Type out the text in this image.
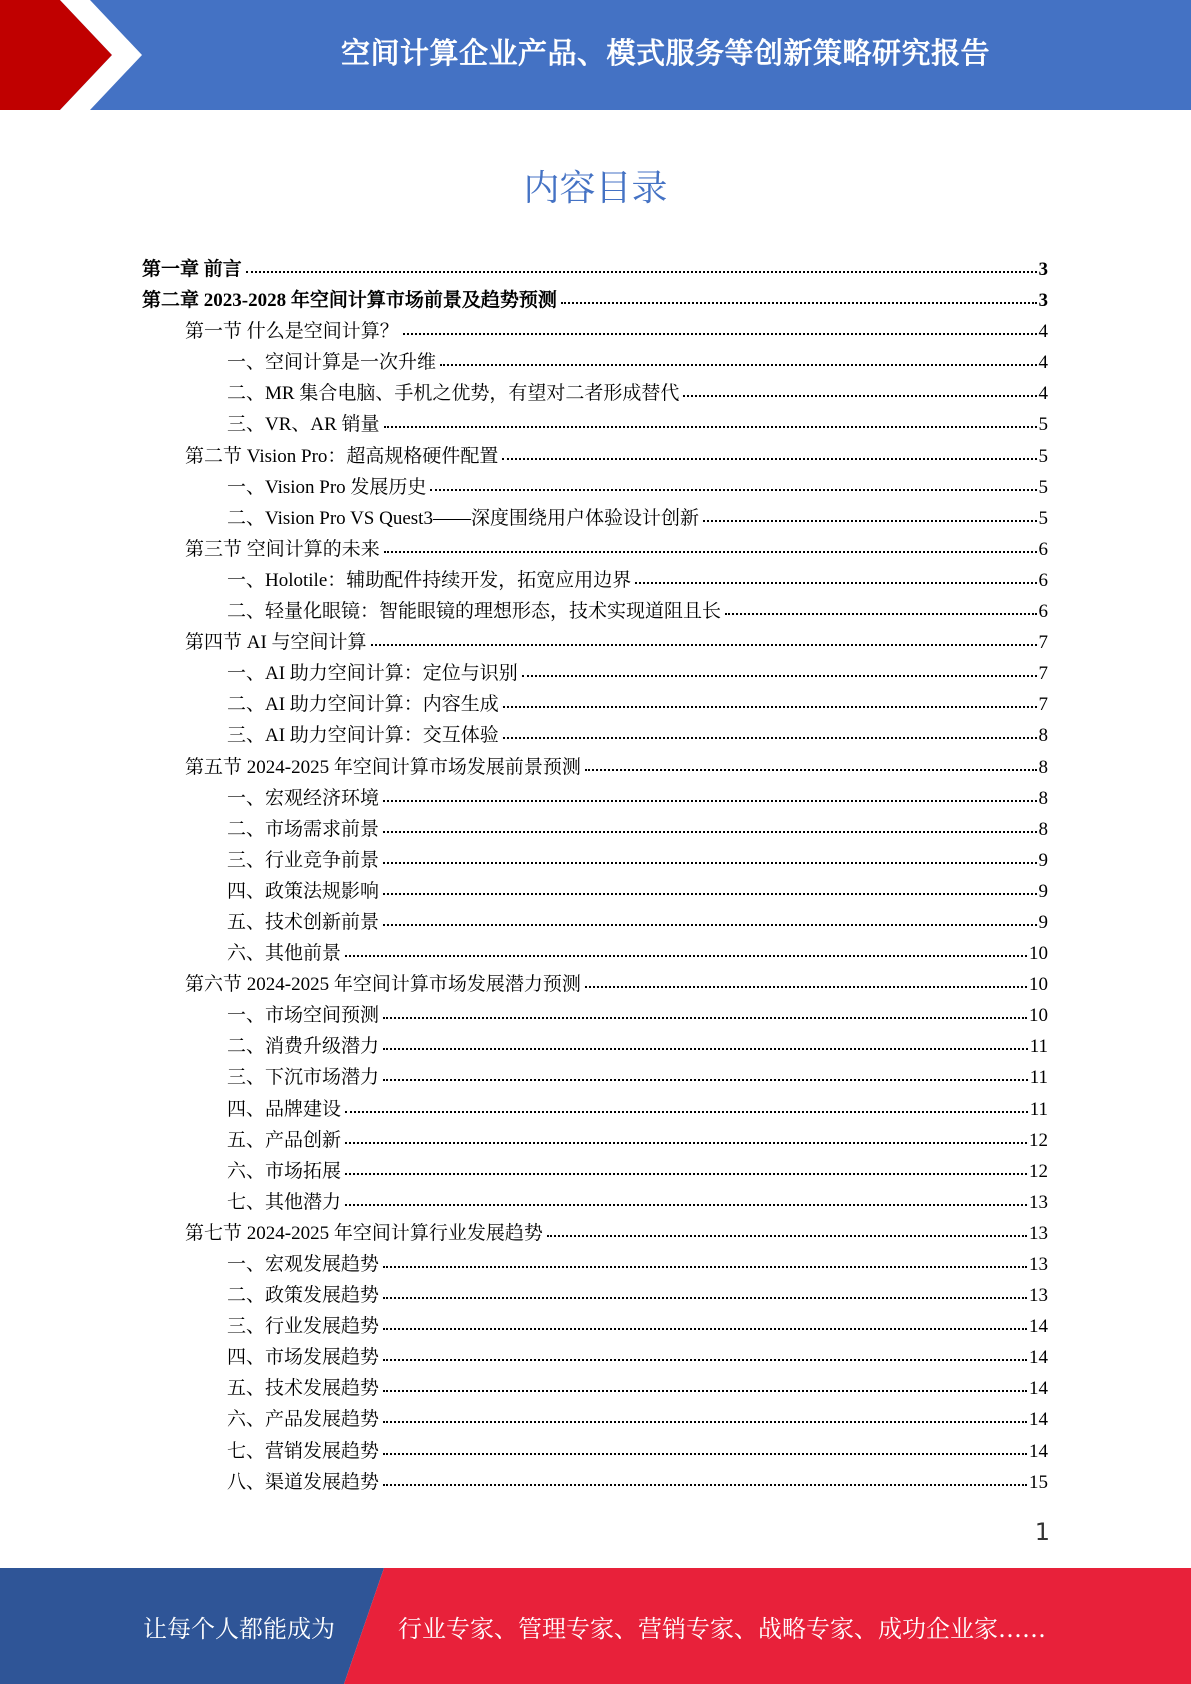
空间计算企业产品、模式服务等创新策略研究报告
内容目录
第一章 前言	3
第二章 2023-2028 年空间计算市场前景及趋势预测	3
第一节 什么是空间计算？	4
一、空间计算是一次升维	4
二、MR 集合电脑、手机之优势，有望对二者形成替代	4
三、VR、AR 销量	5
第二节 Vision Pro：超高规格硬件配置	5
一、Vision Pro 发展历史	5
二、Vision Pro VS Quest3——深度围绕用户体验设计创新	5
第三节 空间计算的未来	6
一、Holotile：辅助配件持续开发，拓宽应用边界	6
二、轻量化眼镜：智能眼镜的理想形态，技术实现道阻且长	6
第四节 AI 与空间计算	7
一、AI 助力空间计算：定位与识别	7
二、AI 助力空间计算：内容生成	7
三、AI 助力空间计算：交互体验	8
第五节 2024-2025 年空间计算市场发展前景预测	8
一、宏观经济环境	8
二、市场需求前景	8
三、行业竞争前景	9
四、政策法规影响	9
五、技术创新前景	9
六、其他前景	10
第六节 2024-2025 年空间计算市场发展潜力预测	10
一、市场空间预测	10
二、消费升级潜力	11
三、下沉市场潜力	11
四、品牌建设	11
五、产品创新	12
六、市场拓展	12
七、其他潜力	13
第七节 2024-2025 年空间计算行业发展趋势	13
一、宏观发展趋势	13
二、政策发展趋势	13
三、行业发展趋势	14
四、市场发展趋势	14
五、技术发展趋势	14
六、产品发展趋势	14
七、营销发展趋势	14
八、渠道发展趋势	15
1
让每个人都能成为	行业专家、管理专家、营销专家、战略专家、成功企业家……
